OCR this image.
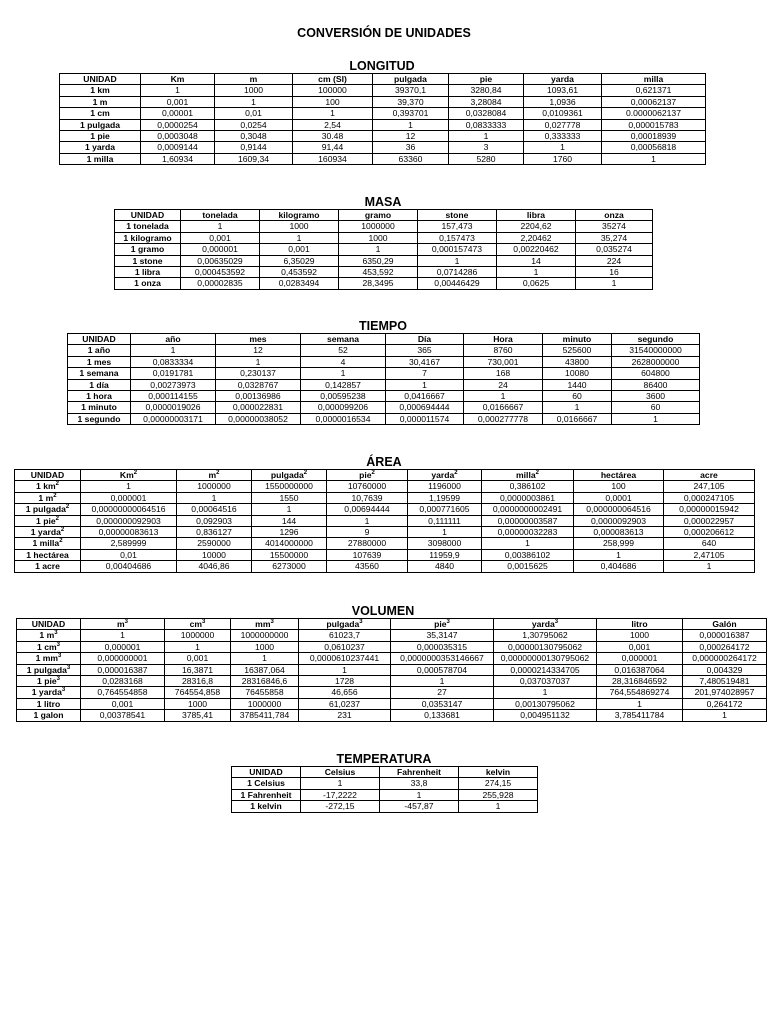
CONVERSIÓN DE UNIDADES
LONGITUD
UNIDAD	Km	m	cm (SI)	pulgada	pie	yarda	milla
1 km	1	1000	100000	39370,1	3280,84	1093,61	0,621371
1 m	0,001	1	100	39,370	3,28084	1,0936	0,00062137
1 cm	0,00001	0,01	1	0,393701	0,0328084	0,0109361	0.0000062137
1 pulgada	0,0000254	0,0254	2,54	1	0,0833333	0,027778	0,000015783
1 pie	0,0003048	0,3048	30.48	12	1	0,333333	0,00018939
1 yarda	0,0009144	0,9144	91,44	36	3	1	0,00056818
1 milla	1,60934	1609,34	160934	63360	5280	1760	1
MASA
UNIDAD	tonelada	kilogramo	gramo	stone	libra	onza
1 tonelada	1	1000	1000000	157,473	2204,62	35274
1 kilogramo	0,001	1	1000	0,157473	2,20462	35,274
1 gramo	0,000001	0,001	1	0,000157473	0,00220462	0,035274
1 stone	0,00635029	6,35029	6350,29	1	14	224
1 libra	0,000453592	0,453592	453,592	0,0714286	1	16
1 onza	0,00002835	0,0283494	28,3495	0,00446429	0,0625	1
TIEMPO
UNIDAD	año	mes	semana	Día	Hora	minuto	segundo
1 año	1	12	52	365	8760	525600	31540000000
1 mes	0,0833334	1	4	30,4167	730,001	43800	2628000000
1 semana	0,0191781	0,230137	1	7	168	10080	604800
1 día	0,00273973	0,0328767	0,142857	1	24	1440	86400
1 hora	0,000114155	0,00136986	0,00595238	0,0416667	1	60	3600
1 minuto	0,0000019026	0,000022831	0,000099206	0,000694444	0,0166667	1	60
1 segundo	0,00000003171	0,00000038052	0,0000016534	0,000011574	0,000277778	0,0166667	1
ÁREA
UNIDAD	Km$^2$	$m^2$	pulgada$^2$	pie$^2$	yarda$^2$	milla$^2$	hectárea	acre
1 $km^2$	1	1000000	1550000000	10760000	1196000	0,386102	100	247,105
1 $m^2$	0,000001	1	1550	10,7639	1,19599	0,0000003861	0,0001	0,000247105
1 pulgada$^2$	0,00000000064516	0,00064516	1	0,00694444	0,000771605	0,0000000002491	0,000000064516	0,00000015942
1 pie$^2$	0,000000092903	0,092903	144	1	0,111111	0,00000003587	0,0000092903	0,000022957
1 yarda$^2$	0,00000083613	0,836127	1296	9	1	0,00000032283	0,000083613	0,000206612
1 milla$^2$	2,589999	2590000	4014000000	27880000	3098000	1	258,999	640
1 hectárea	0,01	10000	15500000	107639	11959,9	0,00386102	1	2,47105
1 acre	0,00404686	4046,86	6273000	43560	4840	0,0015625	0,404686	1
VOLUMEN
UNIDAD	$m^3$	$cm^3$	$mm^3$	pulgada$^3$	pie$^3$	yarda$^3$	litro	Galón
1 $m^3$	1	1000000	1000000000	61023,7	35,3147	1,30795062	1000	0,000016387
1 $cm^3$	0,000001	1	1000	0,0610237	0,000035315	0,00000130795062	0,001	0,000264172
1 $mm^3$	0,000000001	0,001	1	0,0000610237441	0,0000000353146667	0,00000000130795062	0,000001	0,000000264172
1 pulgada$^3$	0,000016387	16,3871	16387,064	1	0,000578704	0,0000214334705	0,016387064	0,004329
1 pie$^3$	0,0283168	28316,8	28316846,6	1728	1	0,037037037	28,316846592	7,480519481
1 yarda$^3$	0,764554858	764554,858	76455858	46,656	27	1	764,554869274	201,974028957
1 litro	0,001	1000	1000000	61,0237	0,0353147	0,00130795062	1	0,264172
1 galon	0,00378541	3785,41	3785411,784	231	0,133681	0,004951132	3,785411784	1
TEMPERATURA
UNIDAD	Celsius	Fahrenheit	kelvin
1 Celsius	1	33,8	274,15
1 Fahrenheit	-17,2222	1	255,928
1 kelvin	-272,15	-457,87	1
